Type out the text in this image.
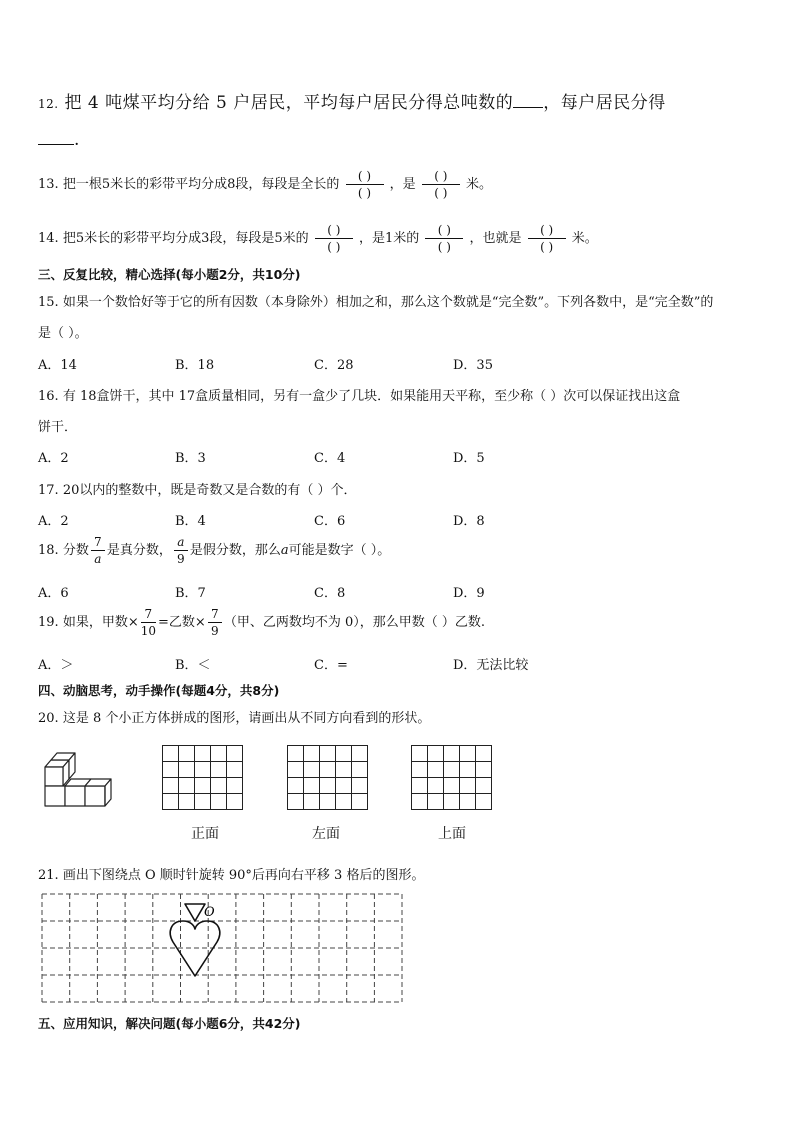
12. 把 4 吨煤平均分给 5 户居民，平均每户居民分得总吨数的 ，每户居民分得
.
13. 把一根5米长的彩带平均分成8段，每段是全长的 $\frac{( )}{( )}$ ，是 $\frac{( )}{( )}$ 米。
14. 把5米长的彩带平均分成3段，每段是5米的 $\frac{( )}{( )}$ ，是1米的 $\frac{( )}{( )}$ ，也就是 $\frac{( )}{( )}$ 米。
三、反复比较，精心选择(每小题2分，共10分)
15. 如果一个数恰好等于它的所有因数（本身除外）相加之和，那么这个数就是“完全数”。下列各数中，是“完全数”的
是（ ）。
A．14	B．18	C．28	D．35
16. 有 18盒饼干，其中 17盒质量相同，另有一盒少了几块．如果能用天平称，至少称（ ）次可以保证找出这盒
饼干．
A．2	B．3	C．4	D．5
17. 20以内的整数中，既是奇数又是合数的有（ ）个．
A．2	B．4	C．6	D．8
18. 分数 $\frac{7}{a}$ 是真分数， $\frac{a}{9}$ 是假分数，那么a可能是数字（ ）。
A．6	B．7	C．8	D．9
19. 如果，甲数× $\frac{7}{10}$ =乙数× $\frac{7}{9}$ （甲、乙两数均不为 0），那么甲数（ ）乙数.
A．＞	B．＜	C．=	D．无法比较
四、动脑思考，动手操作(每题4分，共8分)
20. 这是 8 个小正方体拼成的图形，请画出从不同方向看到的形状。

正面	左面	上面
21. 画出下图绕点 O 顺时针旋转 90°后再向右平移 3 格后的图形。
O
五、应用知识，解决问题(每小题6分，共42分)
